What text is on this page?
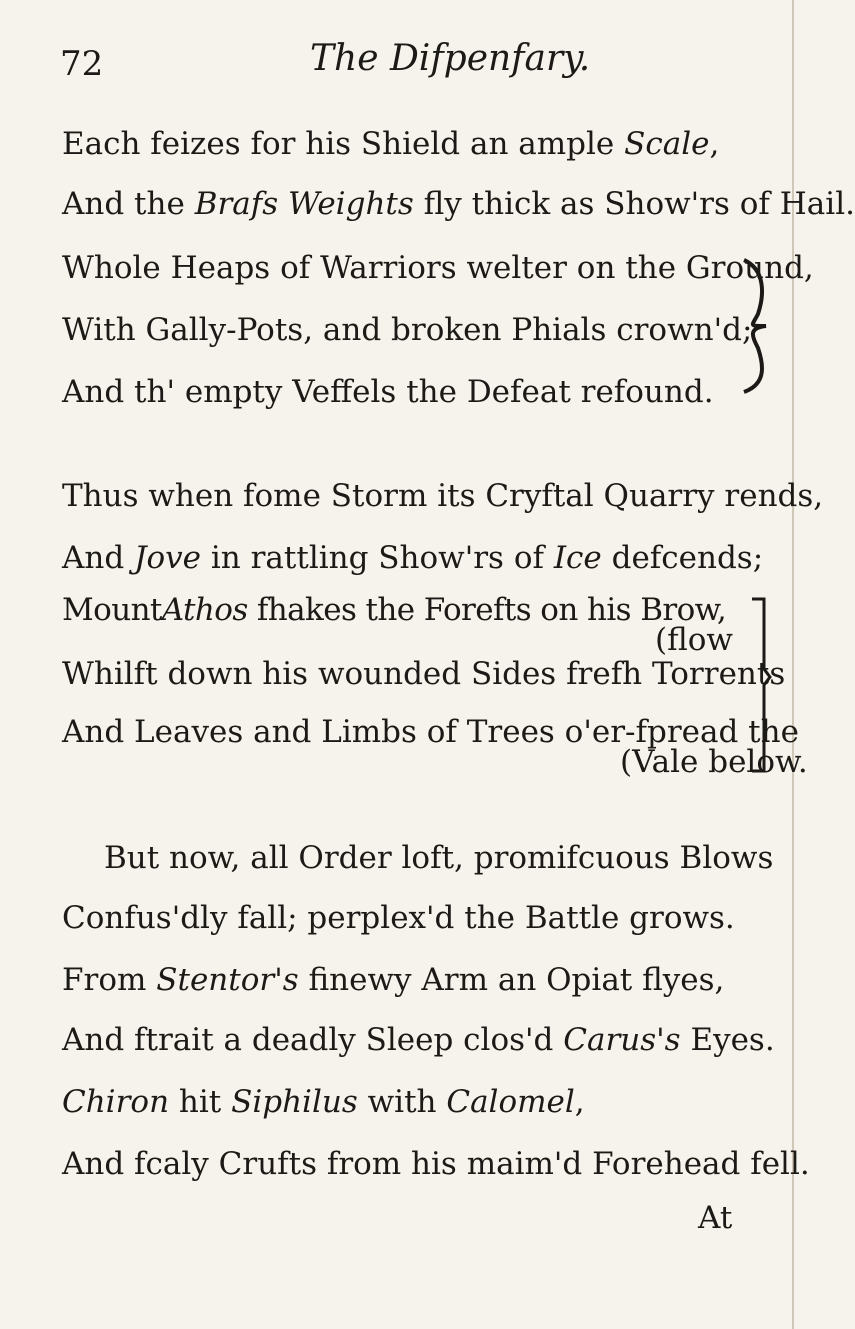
72	The Difpenfary.
Each feizes for his Shield an ample Scale,
And the Brafs Weights fly thick as Show'rs of Hail.
Whole Heaps of Warriors welter on the Ground,
With Gally-Pots, and broken Phials crown'd;
And th' empty Veffels the Defeat refound.
Thus when fome Storm its Cryftal Quarry rends,
And Jove in rattling Show'rs of Ice defcends;
MountAthos fhakes the Forefts on his Brow,
(flow
Whilft down his wounded Sides frefh Torrents
And Leaves and Limbs of Trees o'er-fpread the
(Vale below.
But now, all Order loft, promifcuous Blows
Confus'dly fall; perplex'd the Battle grows.
From Stentor's finewy Arm an Opiat flyes,
And ftrait a deadly Sleep clos'd Carus's Eyes.
Chiron hit Siphilus with Calomel,
And fcaly Crufts from his maim'd Forehead fell.
At
